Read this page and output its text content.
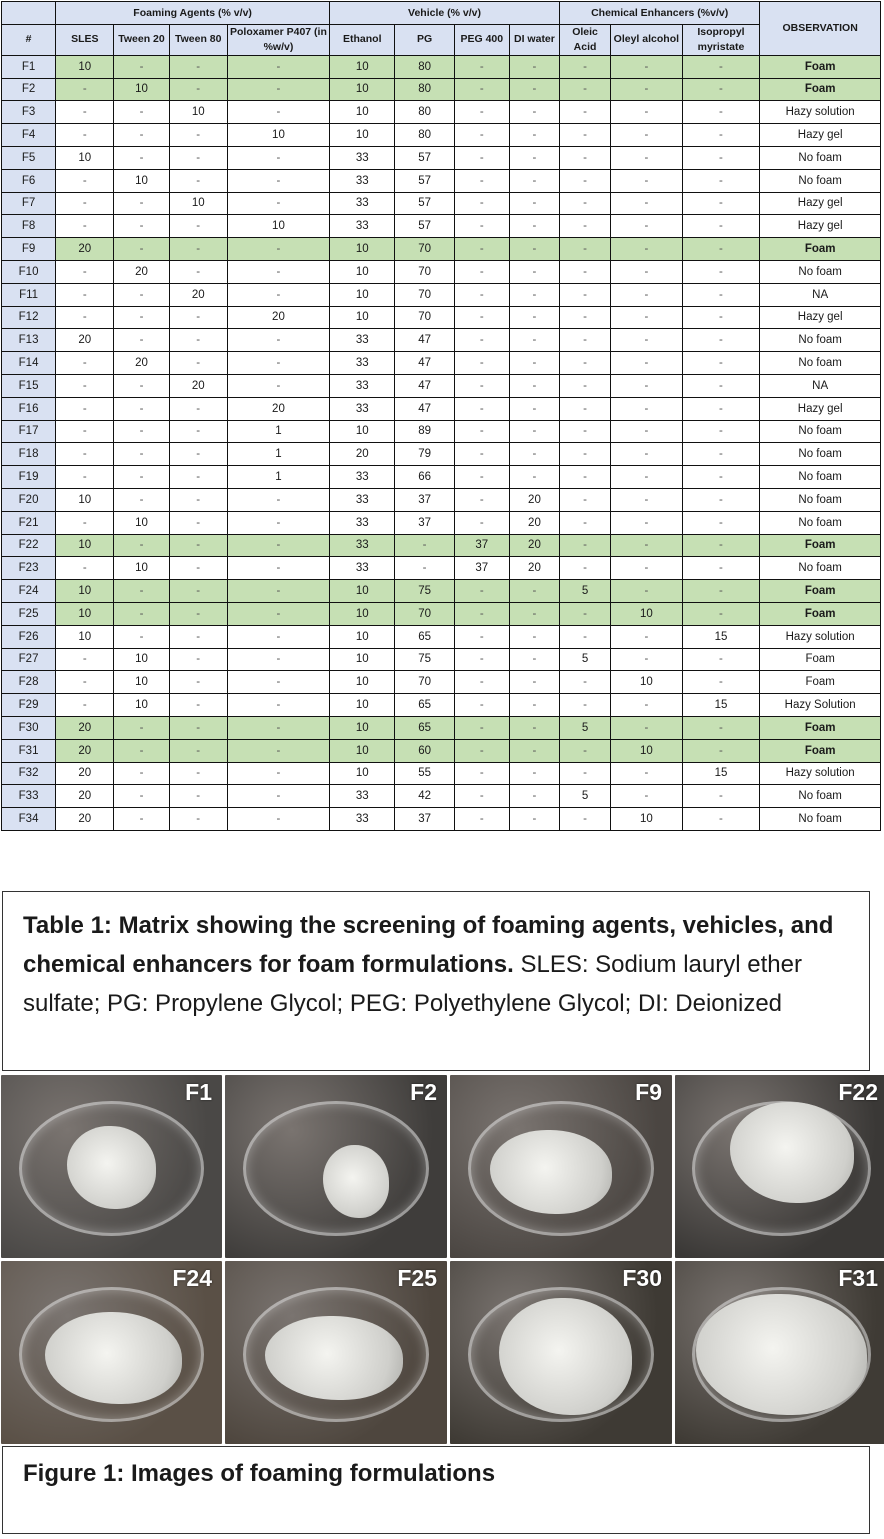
	Foaming Agents (% v/v)				Vehicle (% v/v)				Chemical Enhancers (%v/v)			OBSERVATION
#	SLES	Tween 20	Tween 80	Poloxamer P407 (in %w/v)	Ethanol	PG	PEG 400	DI water	Oleic Acid	Oleyl alcohol	Isopropyl myristate	
F1	10	-	-	-	10	80	-	-	-	-	-	Foam
F2	-	10	-	-	10	80	-	-	-	-	-	Foam
F3	-	-	10	-	10	80	-	-	-	-	-	Hazy solution
F4	-	-	-	10	10	80	-	-	-	-	-	Hazy gel
F5	10	-	-	-	33	57	-	-	-	-	-	No foam
F6	-	10	-	-	33	57	-	-	-	-	-	No foam
F7	-	-	10	-	33	57	-	-	-	-	-	Hazy gel
F8	-	-	-	10	33	57	-	-	-	-	-	Hazy gel
F9	20	-	-	-	10	70	-	-	-	-	-	Foam
F10	-	20	-	-	10	70	-	-	-	-	-	No foam
F11	-	-	20	-	10	70	-	-	-	-	-	NA
F12	-	-	-	20	10	70	-	-	-	-	-	Hazy gel
F13	20	-	-	-	33	47	-	-	-	-	-	No foam
F14	-	20	-	-	33	47	-	-	-	-	-	No foam
F15	-	-	20	-	33	47	-	-	-	-	-	NA
F16	-	-	-	20	33	47	-	-	-	-	-	Hazy gel
F17	-	-	-	1	10	89	-	-	-	-	-	No foam
F18	-	-	-	1	20	79	-	-	-	-	-	No foam
F19	-	-	-	1	33	66	-	-	-	-	-	No foam
F20	10	-	-	-	33	37	-	20	-	-	-	No foam
F21	-	10	-	-	33	37	-	20	-	-	-	No foam
F22	10	-	-	-	33	-	37	20	-	-	-	Foam
F23	-	10	-	-	33	-	37	20	-	-	-	No foam
F24	10	-	-	-	10	75	-	-	5	-	-	Foam
F25	10	-	-	-	10	70	-	-	-	10	-	Foam
F26	10	-	-	-	10	65	-	-	-	-	15	Hazy solution
F27	-	10	-	-	10	75	-	-	5	-	-	Foam
F28	-	10	-	-	10	70	-	-	-	10	-	Foam
F29	-	10	-	-	10	65	-	-	-	-	15	Hazy Solution
F30	20	-	-	-	10	65	-	-	5	-	-	Foam
F31	20	-	-	-	10	60	-	-	-	10	-	Foam
F32	20	-	-	-	10	55	-	-	-	-	15	Hazy solution
F33	20	-	-	-	33	42	-	-	5	-	-	No foam
F34	20	-	-	-	33	37	-	-	-	10	-	No foam
Table 1: Matrix showing the screening of foaming agents, vehicles, and chemical enhancers for foam formulations. SLES: Sodium lauryl ether sulfate; PG: Propylene Glycol; PEG: Polyethylene Glycol; DI: Deionized
F1	F2	F9	F22
F24	F25	F30	F31
Figure 1: Images of foaming formulations
